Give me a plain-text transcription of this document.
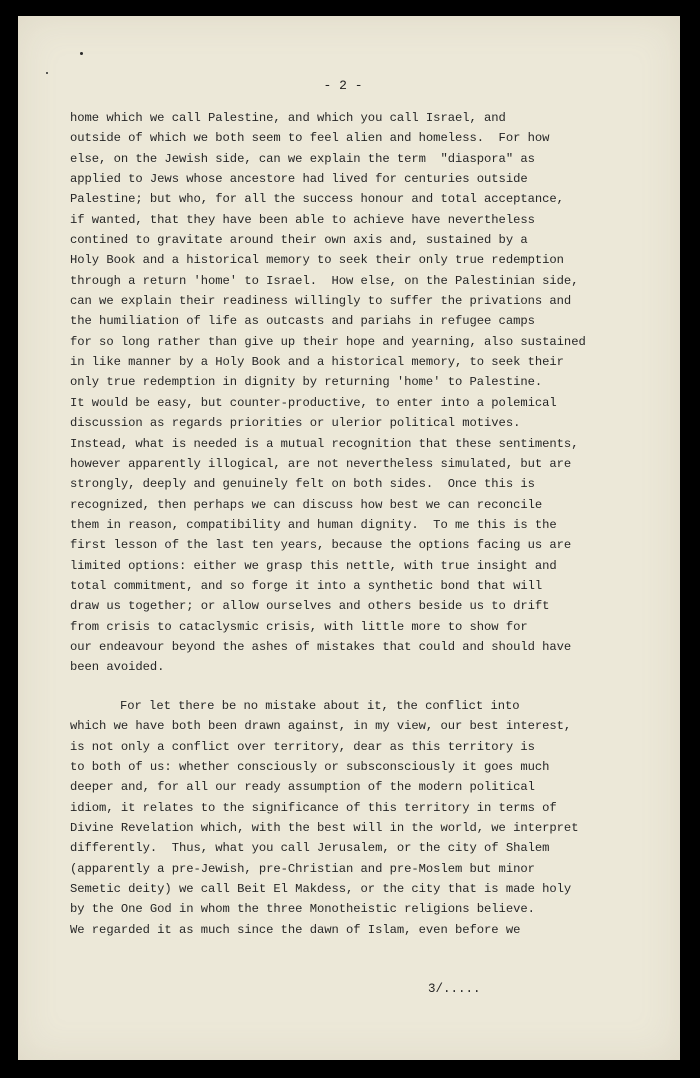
- 2 -
home which we call Palestine, and which you call Israel, and
outside of which we both seem to feel alien and homeless.  For how
else, on the Jewish side, can we explain the term  "diaspora" as
applied to Jews whose ancestore had lived for centuries outside
Palestine; but who, for all the success honour and total acceptance,
if wanted, that they have been able to achieve have nevertheless
contined to gravitate around their own axis and, sustained by a
Holy Book and a historical memory to seek their only true redemption
through a return 'home' to Israel.  How else, on the Palestinian side,
can we explain their readiness willingly to suffer the privations and
the humiliation of life as outcasts and pariahs in refugee camps
for so long rather than give up their hope and yearning, also sustained
in like manner by a Holy Book and a historical memory, to seek their
only true redemption in dignity by returning 'home' to Palestine.
It would be easy, but counter-productive, to enter into a polemical
discussion as regards priorities or ulerior political motives.
Instead, what is needed is a mutual recognition that these sentiments,
however apparently illogical, are not nevertheless simulated, but are
strongly, deeply and genuinely felt on both sides.  Once this is
recognized, then perhaps we can discuss how best we can reconcile
them in reason, compatibility and human dignity.  To me this is the
first lesson of the last ten years, because the options facing us are
limited options: either we grasp this nettle, with true insight and
total commitment, and so forge it into a synthetic bond that will
draw us together; or allow ourselves and others beside us to drift
from crisis to cataclysmic crisis, with little more to show for
our endeavour beyond the ashes of mistakes that could and should have
been avoided.
For let there be no mistake about it, the conflict into
which we have both been drawn against, in my view, our best interest,
is not only a conflict over territory, dear as this territory is
to both of us: whether consciously or subsconsciously it goes much
deeper and, for all our ready assumption of the modern political
idiom, it relates to the significance of this territory in terms of
Divine Revelation which, with the best will in the world, we interpret
differently.  Thus, what you call Jerusalem, or the city of Shalem
(apparently a pre-Jewish, pre-Christian and pre-Moslem but minor
Semetic deity) we call Beit El Makdess, or the city that is made holy
by the One God in whom the three Monotheistic religions believe.
We regarded it as much since the dawn of Islam, even before we
3/.....
